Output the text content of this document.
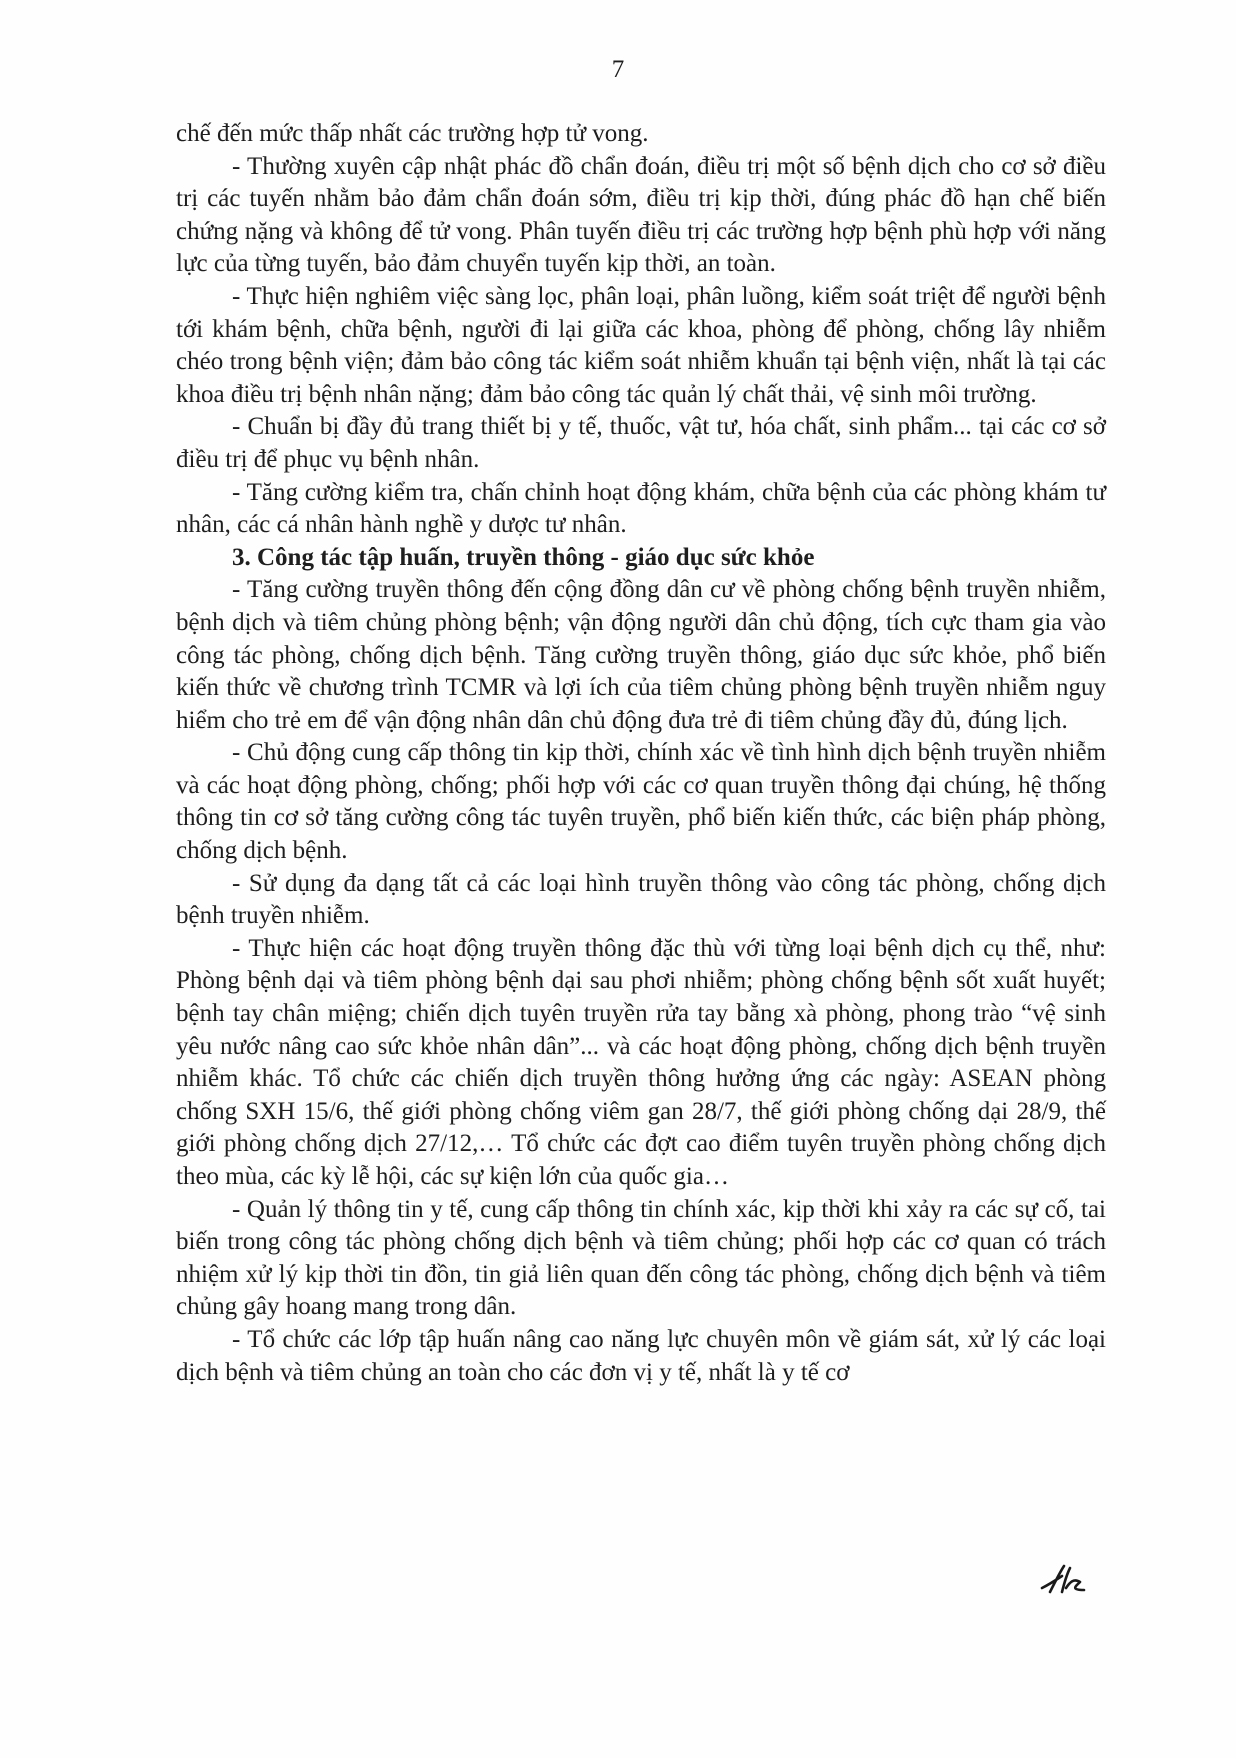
7

chế đến mức thấp nhất các trường hợp tử vong.

- Thường xuyên cập nhật phác đồ chẩn đoán, điều trị một số bệnh dịch cho cơ sở điều trị các tuyến nhằm bảo đảm chẩn đoán sớm, điều trị kịp thời, đúng phác đồ hạn chế biến chứng nặng và không để tử vong. Phân tuyến điều trị các trường hợp bệnh phù hợp với năng lực của từng tuyến, bảo đảm chuyển tuyến kịp thời, an toàn.

- Thực hiện nghiêm việc sàng lọc, phân loại, phân luồng, kiểm soát triệt để người bệnh tới khám bệnh, chữa bệnh, người đi lại giữa các khoa, phòng để phòng, chống lây nhiễm chéo trong bệnh viện; đảm bảo công tác kiểm soát nhiễm khuẩn tại bệnh viện, nhất là tại các khoa điều trị bệnh nhân nặng; đảm bảo công tác quản lý chất thải, vệ sinh môi trường.

- Chuẩn bị đầy đủ trang thiết bị y tế, thuốc, vật tư, hóa chất, sinh phẩm... tại các cơ sở điều trị để phục vụ bệnh nhân.

- Tăng cường kiểm tra, chấn chỉnh hoạt động khám, chữa bệnh của các phòng khám tư nhân, các cá nhân hành nghề y dược tư nhân.

3. Công tác tập huấn, truyền thông - giáo dục sức khỏe

- Tăng cường truyền thông đến cộng đồng dân cư về phòng chống bệnh truyền nhiễm, bệnh dịch và tiêm chủng phòng bệnh; vận động người dân chủ động, tích cực tham gia vào công tác phòng, chống dịch bệnh. Tăng cường truyền thông, giáo dục sức khỏe, phổ biến kiến thức về chương trình TCMR và lợi ích của tiêm chủng phòng bệnh truyền nhiễm nguy hiểm cho trẻ em để vận động nhân dân chủ động đưa trẻ đi tiêm chủng đầy đủ, đúng lịch.

- Chủ động cung cấp thông tin kịp thời, chính xác về tình hình dịch bệnh truyền nhiễm và các hoạt động phòng, chống; phối hợp với các cơ quan truyền thông đại chúng, hệ thống thông tin cơ sở tăng cường công tác tuyên truyền, phổ biến kiến thức, các biện pháp phòng, chống dịch bệnh.

- Sử dụng đa dạng tất cả các loại hình truyền thông vào công tác phòng, chống dịch bệnh truyền nhiễm.

- Thực hiện các hoạt động truyền thông đặc thù với từng loại bệnh dịch cụ thể, như: Phòng bệnh dại và tiêm phòng bệnh dại sau phơi nhiễm; phòng chống bệnh sốt xuất huyết; bệnh tay chân miệng; chiến dịch tuyên truyền rửa tay bằng xà phòng, phong trào “vệ sinh yêu nước nâng cao sức khỏe nhân dân”... và các hoạt động phòng, chống dịch bệnh truyền nhiễm khác. Tổ chức các chiến dịch truyền thông hưởng ứng các ngày: ASEAN phòng chống SXH 15/6, thế giới phòng chống viêm gan 28/7, thế giới phòng chống dại 28/9, thế giới phòng chống dịch 27/12,… Tổ chức các đợt cao điểm tuyên truyền phòng chống dịch theo mùa, các kỳ lễ hội, các sự kiện lớn của quốc gia…

- Quản lý thông tin y tế, cung cấp thông tin chính xác, kịp thời khi xảy ra các sự cố, tai biến trong công tác phòng chống dịch bệnh và tiêm chủng; phối hợp các cơ quan có trách nhiệm xử lý kịp thời tin đồn, tin giả liên quan đến công tác phòng, chống dịch bệnh và tiêm chủng gây hoang mang trong dân.

- Tổ chức các lớp tập huấn nâng cao năng lực chuyên môn về giám sát, xử lý các loại dịch bệnh và tiêm chủng an toàn cho các đơn vị y tế, nhất là y tế cơ
